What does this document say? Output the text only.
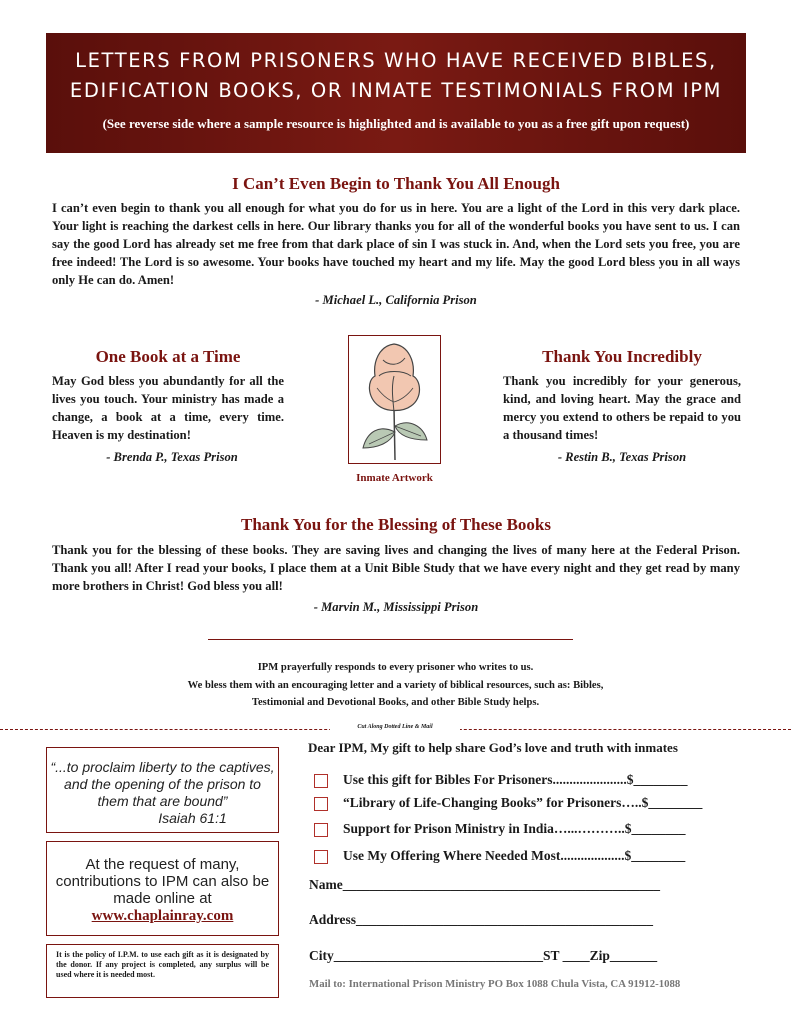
LETTERS FROM PRISONERS WHO HAVE RECEIVED BIBLES,
EDIFICATION BOOKS, OR INMATE TESTIMONIALS FROM IPM
(See reverse side where a sample resource is highlighted and is available to you as a free gift upon request)
I Can’t Even Begin to Thank You All Enough
I can’t even begin to thank you all enough for what you do for us in here. You are a light of the Lord in this very dark place. Your light is reaching the darkest cells in here. Our library thanks you for all of the wonderful books you have sent to us. I can say the good Lord has already set me free from that dark place of sin I was stuck in. And, when the Lord sets you free, you are free indeed! The Lord is so awesome. Your books have touched my heart and my life. May the good Lord bless you in all ways only He can do. Amen!
- Michael L., California Prison
One Book at a Time
May God bless you abundantly for all the lives you touch. Your ministry has made a change, a book at a time, every time. Heaven is my destination!
- Brenda P., Texas Prison
Inmate Artwork
Thank You Incredibly
Thank you incredibly for your generous, kind, and loving heart. May the grace and mercy you extend to others be repaid to you a thousand times!
- Restin B., Texas Prison
Thank You for the Blessing of These Books
Thank you for the blessing of these books. They are saving lives and changing the lives of many here at the Federal Prison. Thank you all! After I read your books, I place them at a Unit Bible Study that we have every night and they get read by many more brothers in Christ! God bless you all!
- Marvin M., Mississippi Prison
IPM prayerfully responds to every prisoner who writes to us.
We bless them with an encouraging letter and a variety of biblical resources, such as: Bibles,
Testimonial and Devotional Books, and other Bible Study helps.
Cut Along Dotted Line & Mail
“...to proclaim liberty to the captives, and the opening of the prison to them that are bound”
Isaiah 61:1
At the request of many, contributions to IPM can also be made online at
www.chaplainray.com
It is the policy of I.P.M. to use each gift as it is designated by the donor. If any project is completed, any surplus will be used where it is needed most.
Dear IPM, My gift to help share God’s love and truth with inmates
Use this gift for Bibles For Prisoners......................$________
“Library of Life-Changing Books” for Prisoners…..$________
Support for Prison Ministry in India…...………..$________
Use My Offering Where Needed Most...................$________
Name_______________________________________________
Address____________________________________________
City_______________________________ST ____Zip_______
Mail to: International Prison Ministry PO Box 1088 Chula Vista, CA 91912-1088
